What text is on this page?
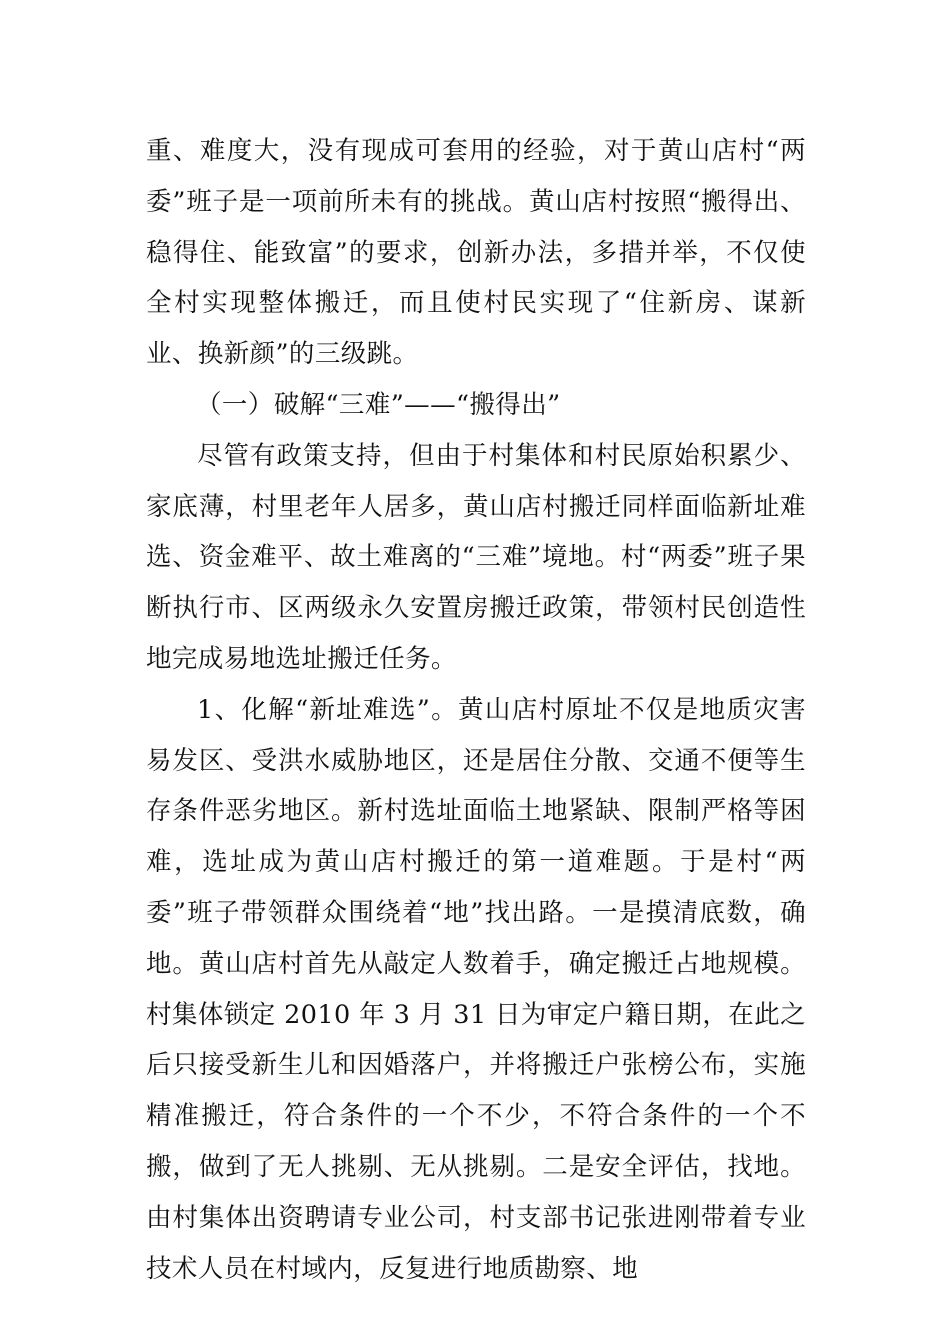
重、难度大，没有现成可套用的经验，对于黄山店村“两委”班子是一项前所未有的挑战。黄山店村按照“搬得出、稳得住、能致富”的要求，创新办法，多措并举，不仅使全村实现整体搬迁，而且使村民实现了“住新房、谋新业、换新颜”的三级跳。

（一）破解“三难”——“搬得出”

尽管有政策支持，但由于村集体和村民原始积累少、家底薄，村里老年人居多，黄山店村搬迁同样面临新址难选、资金难平、故土难离的“三难”境地。村“两委”班子果断执行市、区两级永久安置房搬迁政策，带领村民创造性地完成易地选址搬迁任务。

1、化解“新址难选”。黄山店村原址不仅是地质灾害易发区、受洪水威胁地区，还是居住分散、交通不便等生存条件恶劣地区。新村选址面临土地紧缺、限制严格等困难，选址成为黄山店村搬迁的第一道难题。于是村“两委”班子带领群众围绕着“地”找出路。一是摸清底数，确地。黄山店村首先从敲定人数着手，确定搬迁占地规模。村集体锁定 2010 年 3 月 31 日为审定户籍日期，在此之后只接受新生儿和因婚落户，并将搬迁户张榜公布，实施精准搬迁，符合条件的一个不少，不符合条件的一个不搬，做到了无人挑剔、无从挑剔。二是安全评估，找地。由村集体出资聘请专业公司，村支部书记张进刚带着专业技术人员在村域内，反复进行地质勘察、地
